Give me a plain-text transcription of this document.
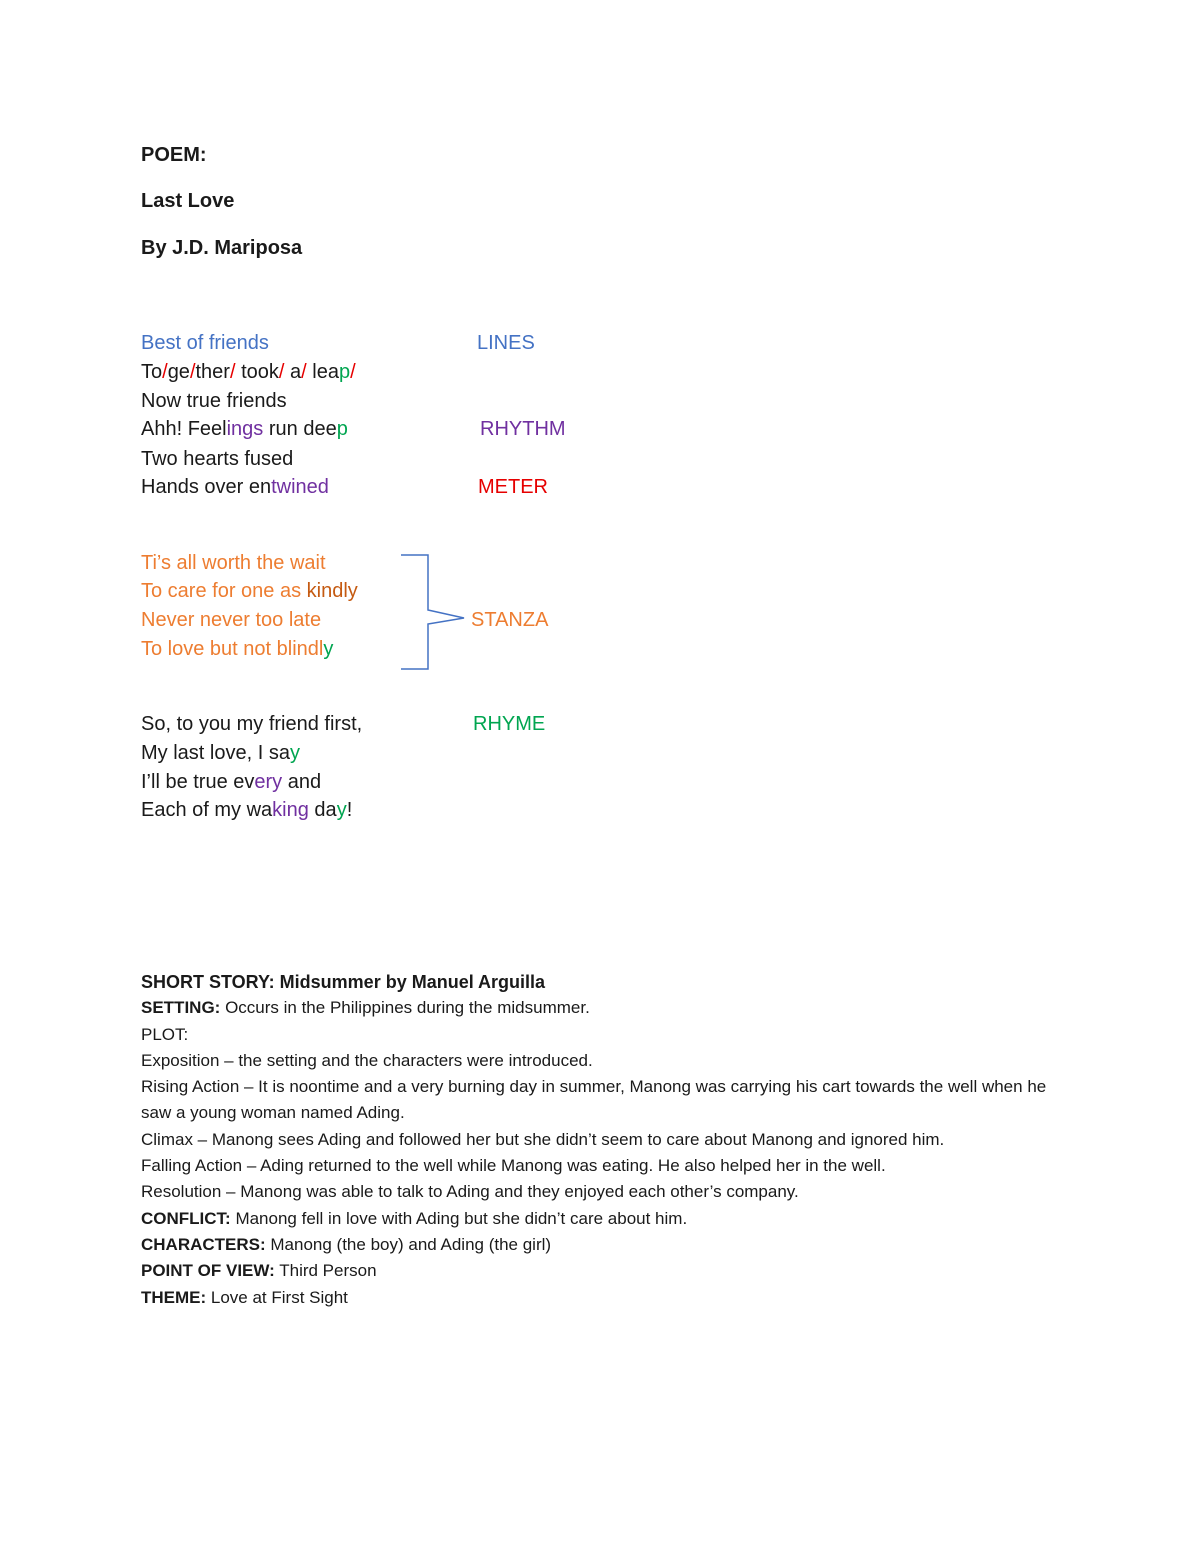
POEM:
Last Love
By J.D. Mariposa
Best of friends
To/ge/ther/ took/ a/ leap/
Now true friends
Ahh! Feelings run deep
Two hearts fused
Hands over entwined
LINES
RHYTHM
METER
Ti’s all worth the wait
To care for one as kindly
Never never too late
To love but not blindly
STANZA
So, to you my friend first,
My last love, I say
I’ll be true every and
Each of my waking day!
RHYME

SHORT STORY: Midsummer by Manuel Arguilla

SETTING: Occurs in the Philippines during the midsummer.

PLOT:

Exposition – the setting and the characters were introduced.

Rising Action – It is noontime and a very burning day in summer, Manong was carrying his cart towards the well when he saw a young woman named Ading.

Climax – Manong sees Ading and followed her but she didn’t seem to care about Manong and ignored him.

Falling Action – Ading returned to the well while Manong was eating. He also helped her in the well.

Resolution – Manong was able to talk to Ading and they enjoyed each other’s company.

CONFLICT: Manong fell in love with Ading but she didn’t care about him.

CHARACTERS: Manong (the boy) and Ading (the girl)

POINT OF VIEW: Third Person

THEME: Love at First Sight
